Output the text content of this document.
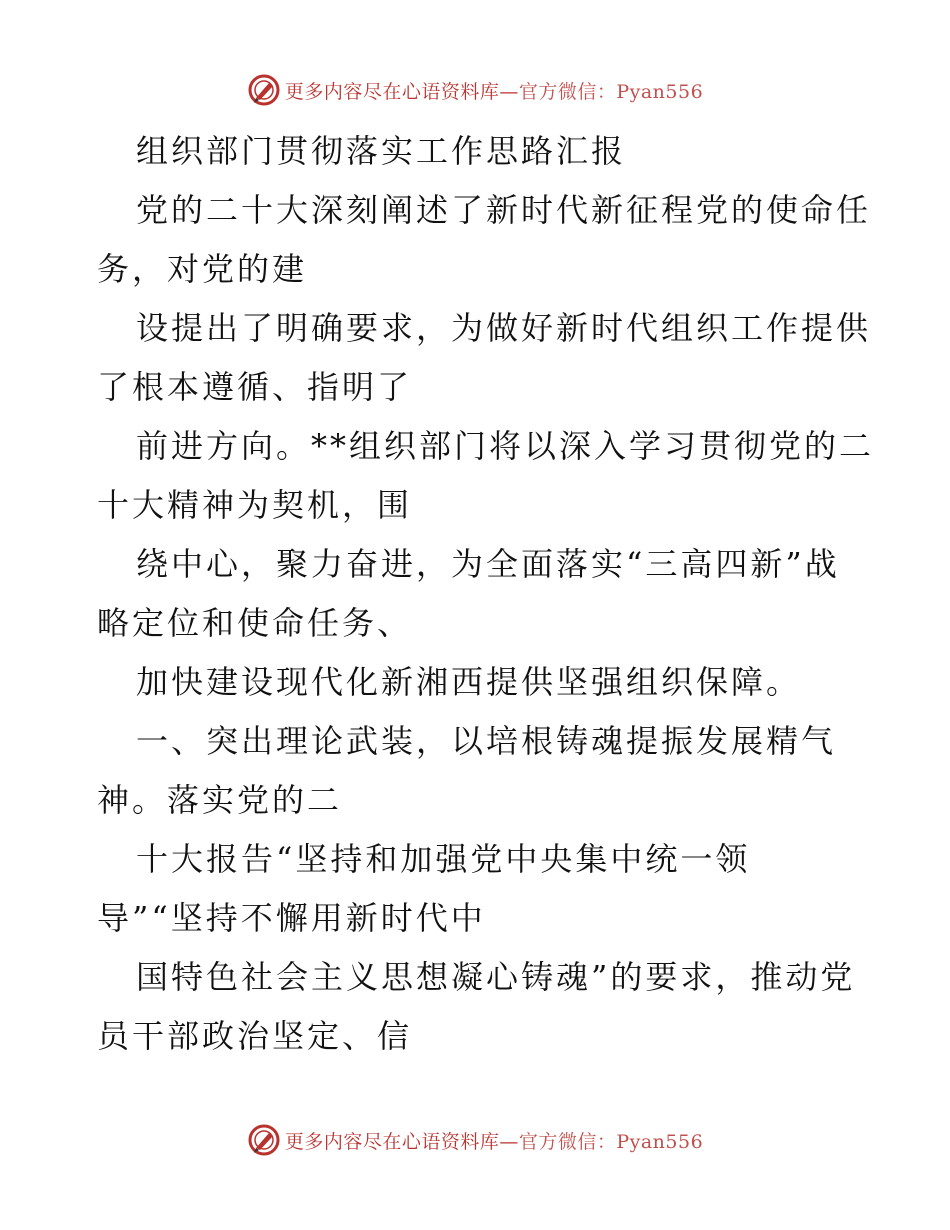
更多内容尽在心语资料库—官方微信：Pyan556
组织部门贯彻落实工作思路汇报
党的二十大深刻阐述了新时代新征程党的使命任
务，对党的建
设提出了明确要求，为做好新时代组织工作提供
了根本遵循、指明了
前进方向。**组织部门将以深入学习贯彻党的二
十大精神为契机，围
绕中心，聚力奋进，为全面落实“三高四新”战
略定位和使命任务、
加快建设现代化新湘西提供坚强组织保障。
一、突出理论武装，以培根铸魂提振发展精气
神。落实党的二
十大报告“坚持和加强党中央集中统一领
导”“坚持不懈用新时代中
国特色社会主义思想凝心铸魂”的要求，推动党
员干部政治坚定、信
更多内容尽在心语资料库—官方微信：Pyan556
